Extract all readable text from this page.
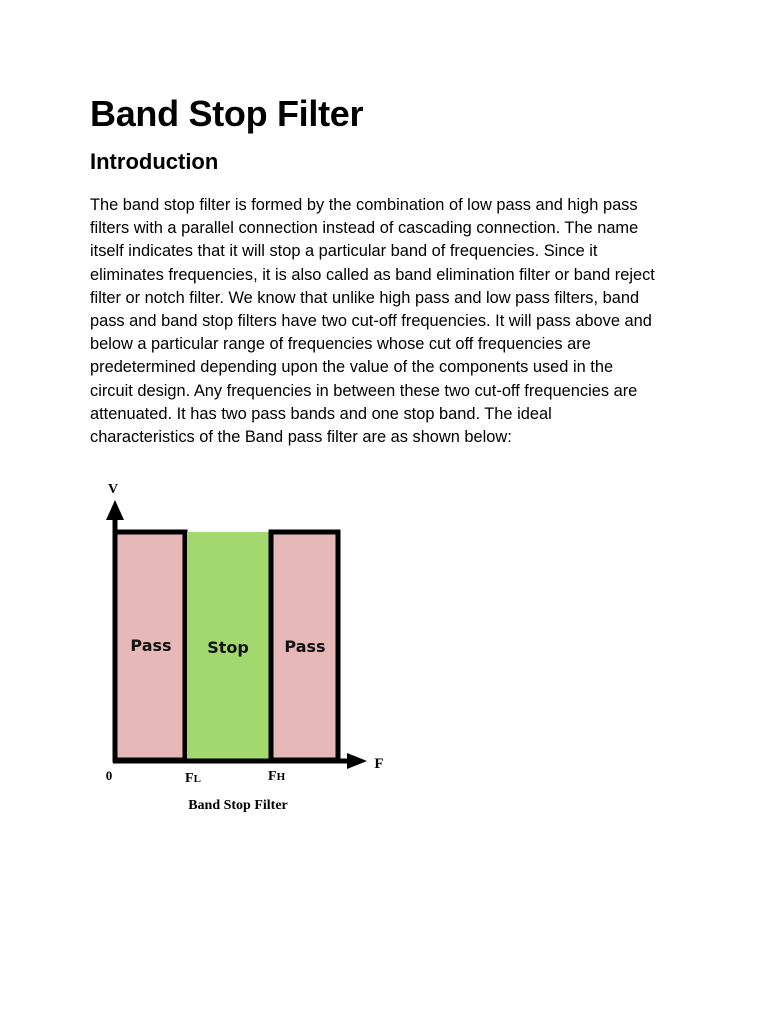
Band Stop Filter
Introduction
The band stop filter is formed by the combination of low pass and high pass
filters with a parallel connection instead of cascading connection. The name
itself indicates that it will stop a particular band of frequencies. Since it
eliminates frequencies, it is also called as band elimination filter or band reject
filter or notch filter. We know that unlike high pass and low pass filters, band
pass and band stop filters have two cut-off frequencies. It will pass above and
below a particular range of frequencies whose cut off frequencies are
predetermined depending upon the value of the components used in the
circuit design. Any frequencies in between these two cut-off frequencies are
attenuated. It has two pass bands and one stop band. The ideal
characteristics of the Band pass filter are as shown below:
Pass Stop Pass
V
F
0	FL	FH
Band Stop Filter
